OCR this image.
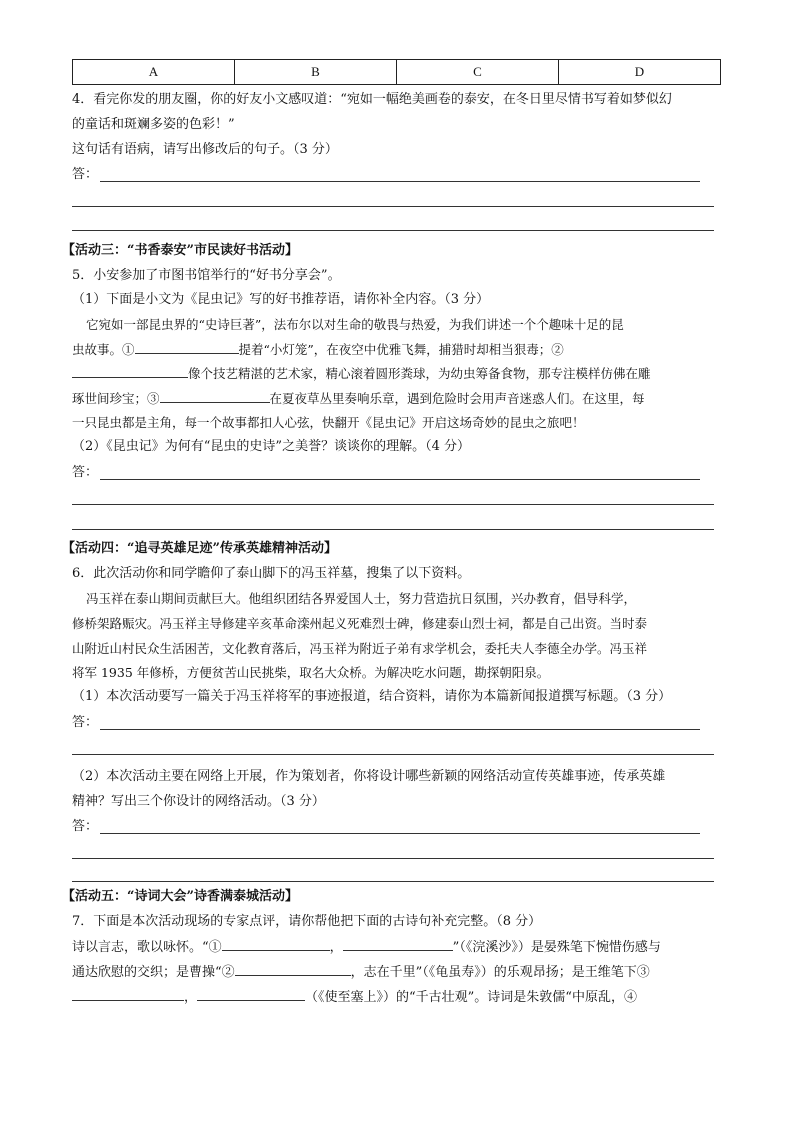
A	B	C	D
4．看完你发的朋友圈，你的好友小文感叹道：“宛如一幅绝美画卷的泰安，在冬日里尽情书写着如梦似幻
的童话和斑斓多姿的色彩！”
这句话有语病，请写出修改后的句子。（3 分）
答：
【活动三：“书香泰安”市民读好书活动】
5．小安参加了市图书馆举行的“好书分享会”。
（1）下面是小文为《昆虫记》写的好书推荐语，请你补全内容。（3 分）
它宛如一部昆虫界的“史诗巨著”，法布尔以对生命的敬畏与热爱，为我们讲述一个个趣味十足的昆
虫故事。①	提着“小灯笼”，在夜空中优雅飞舞，捕猎时却相当狠毒；②
像个技艺精湛的艺术家，精心滚着圆形粪球，为幼虫筹备食物，那专注模样仿佛在雕
琢世间珍宝；③	在夏夜草丛里奏响乐章，遇到危险时会用声音迷惑人们。在这里，每
一只昆虫都是主角，每一个故事都扣人心弦，快翻开《昆虫记》开启这场奇妙的昆虫之旅吧！
（2）《昆虫记》为何有“昆虫的史诗”之美誉？谈谈你的理解。（4 分）
答：
【活动四：“追寻英雄足迹”传承英雄精神活动】
6．此次活动你和同学瞻仰了泰山脚下的冯玉祥墓，搜集了以下资料。
冯玉祥在泰山期间贡献巨大。他组织团结各界爱国人士，努力营造抗日氛围，兴办教育，倡导科学，
修桥架路赈灾。冯玉祥主导修建辛亥革命滦州起义死难烈士碑，修建泰山烈士祠，都是自己出资。当时泰
山附近山村民众生活困苦，文化教育落后，冯玉祥为附近子弟有求学机会，委托夫人李德全办学。冯玉祥
将军 1935 年修桥，方便贫苦山民挑柴，取名大众桥。为解决吃水问题，勘探朝阳泉。
（1）本次活动要写一篇关于冯玉祥将军的事迹报道，结合资料，请你为本篇新闻报道撰写标题。（3 分）
答：
（2）本次活动主要在网络上开展，作为策划者，你将设计哪些新颖的网络活动宣传英雄事迹，传承英雄
精神？写出三个你设计的网络活动。（3 分）
答：
【活动五：“诗词大会”诗香满泰城活动】
7．下面是本次活动现场的专家点评，请你帮他把下面的古诗句补充完整。（8 分）
诗以言志，歌以咏怀。“①	，	”（《浣溪沙》）是晏殊笔下惋惜伤感与
通达欣慰的交织；是曹操“②	，志在千里”（《龟虽寿》）的乐观昂扬；是王维笔下③
，	（《使至塞上》）的“千古壮观”。诗词是朱敦儒“中原乱，④
